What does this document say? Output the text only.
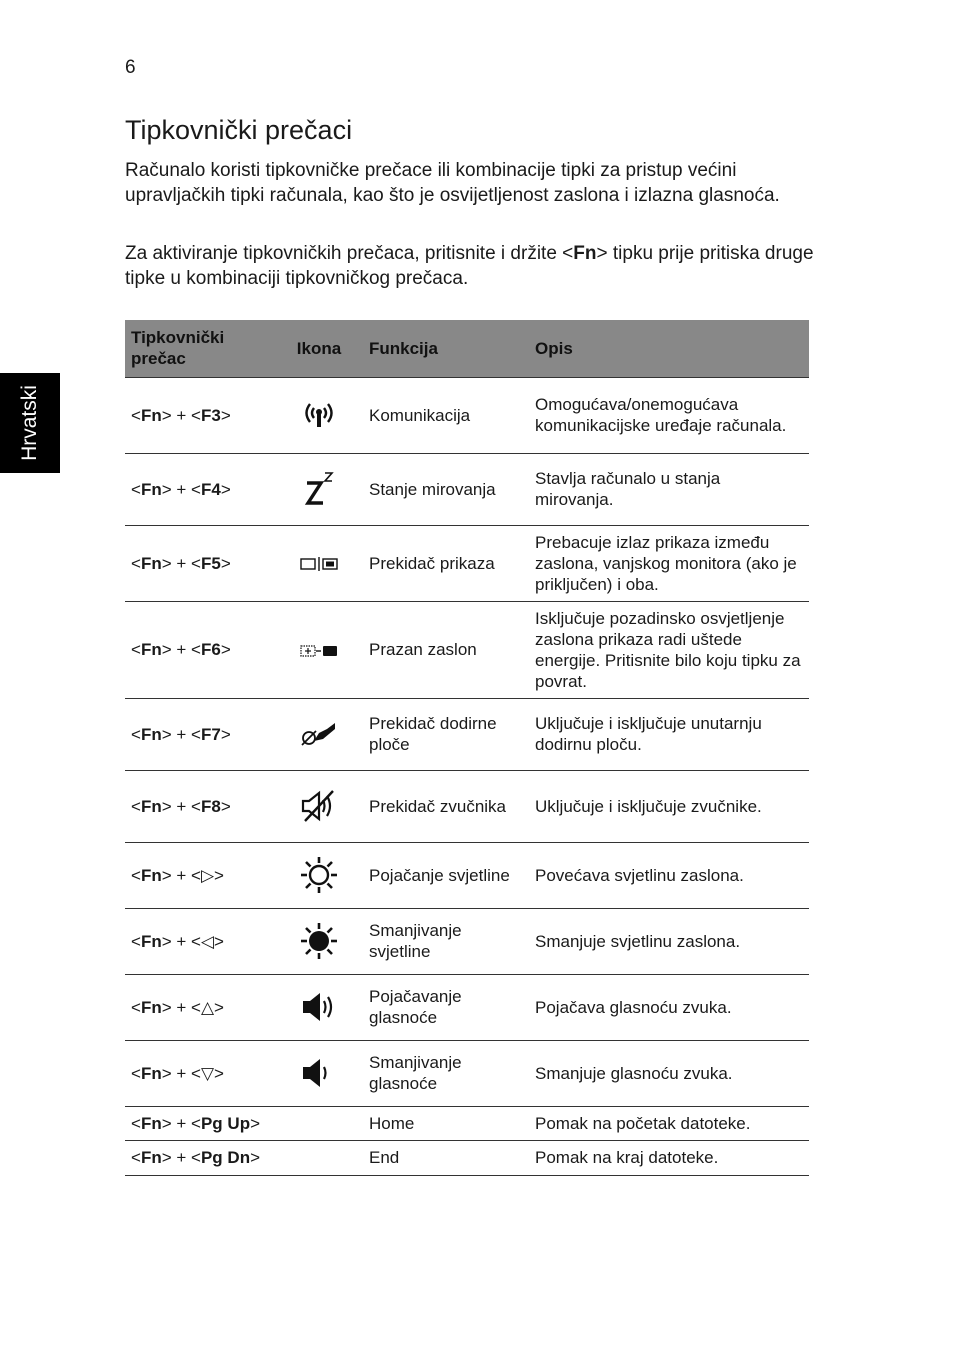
6
Hrvatski
Tipkovnički prečaci

Računalo koristi tipkovničke prečace ili kombinacije tipki za pristup većini upravljačkih tipki računala, kao što je osvijetljenost zaslona i izlazna glasnoća.

Za aktiviranje tipkovničkih prečaca, pritisnite i držite <Fn> tipku prije pritiska druge tipke u kombinaciji tipkovničkog prečaca.

Tipkovnički
prečac	Ikona	Funkcija	Opis
<Fn> + <F3>		Komunikacija	Omogućava/onemogućava komunikacijske uređaje računala.
<Fn> + <F4>		Stanje mirovanja	Stavlja računalo u stanja mirovanja.
<Fn> + <F5>		Prekidač prikaza	Prebacuje izlaz prikaza između zaslona, vanjskog monitora (ako je priključen) i oba.
<Fn> + <F6>		Prazan zaslon	Isključuje pozadinsko osvjetljenje zaslona prikaza radi uštede energije. Pritisnite bilo koju tipku za povrat.
<Fn> + <F7>		Prekidač dodirne ploče	Uključuje i isključuje unutarnju dodirnu ploču.
<Fn> + <F8>		Prekidač zvučnika	Uključuje i isključuje zvučnike.
<Fn> + <▷>		Pojačanje svjetline	Povećava svjetlinu zaslona.
<Fn> + <◁>		Smanjivanje svjetline	Smanjuje svjetlinu zaslona.
<Fn> + <△>		Pojačavanje glasnoće	Pojačava glasnoću zvuka.
<Fn> + <▽>		Smanjivanje glasnoće	Smanjuje glasnoću zvuka.
<Fn> + <Pg Up>		Home	Pomak na početak datoteke.
<Fn> + <Pg Dn>		End	Pomak na kraj datoteke.
